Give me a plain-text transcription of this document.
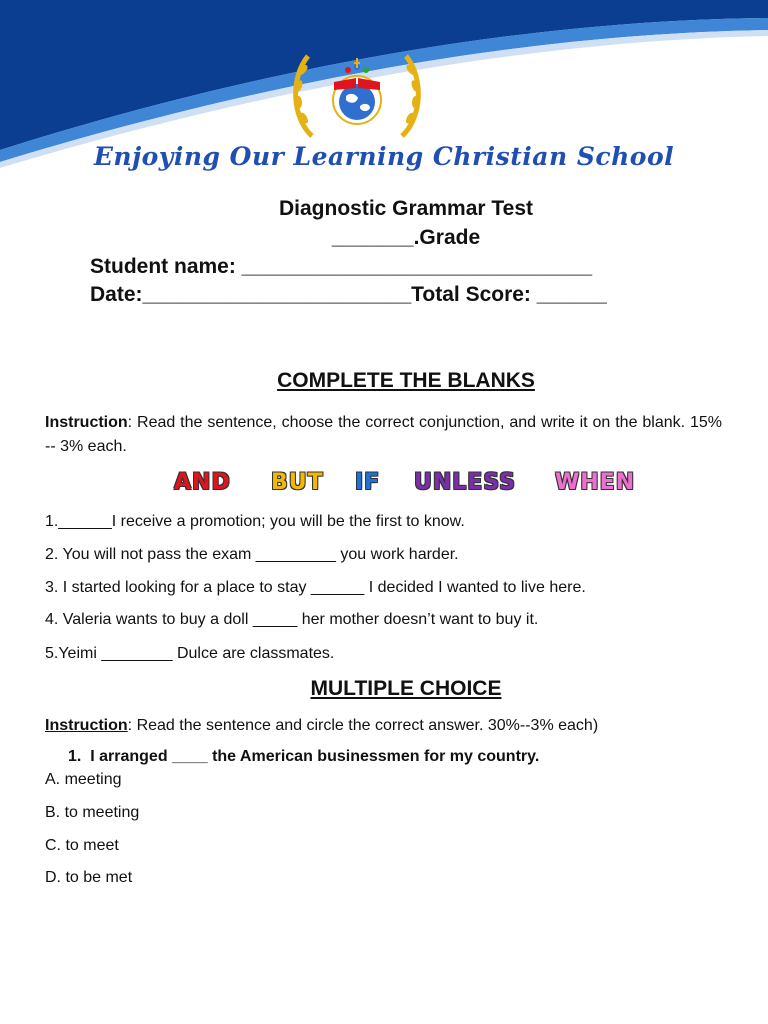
Enjoying Our Learning Christian School
Diagnostic Grammar Test
_______.Grade
Student name: ______________________________
Date:_______________________Total Score: ______
COMPLETE THE BLANKS
Instruction: Read the sentence, choose the correct conjunction, and write it on the blank. 15% -- 3% each.
AND BUT IF UNLESS WHEN
1.______I receive a promotion; you will be the first to know.
2. You will not pass the exam _________ you work harder.
3. I started looking for a place to stay ______ I decided I wanted to live here.
4. Valeria wants to buy a doll _____ her mother doesn’t want to buy it.
5.Yeimi ________ Dulce are classmates.
MULTIPLE CHOICE
Instruction: Read the sentence and circle the correct answer. 30%--3% each)
1.  I arranged ____ the American businessmen for my country.
A. meeting
B. to meeting
C. to meet
D. to be met
